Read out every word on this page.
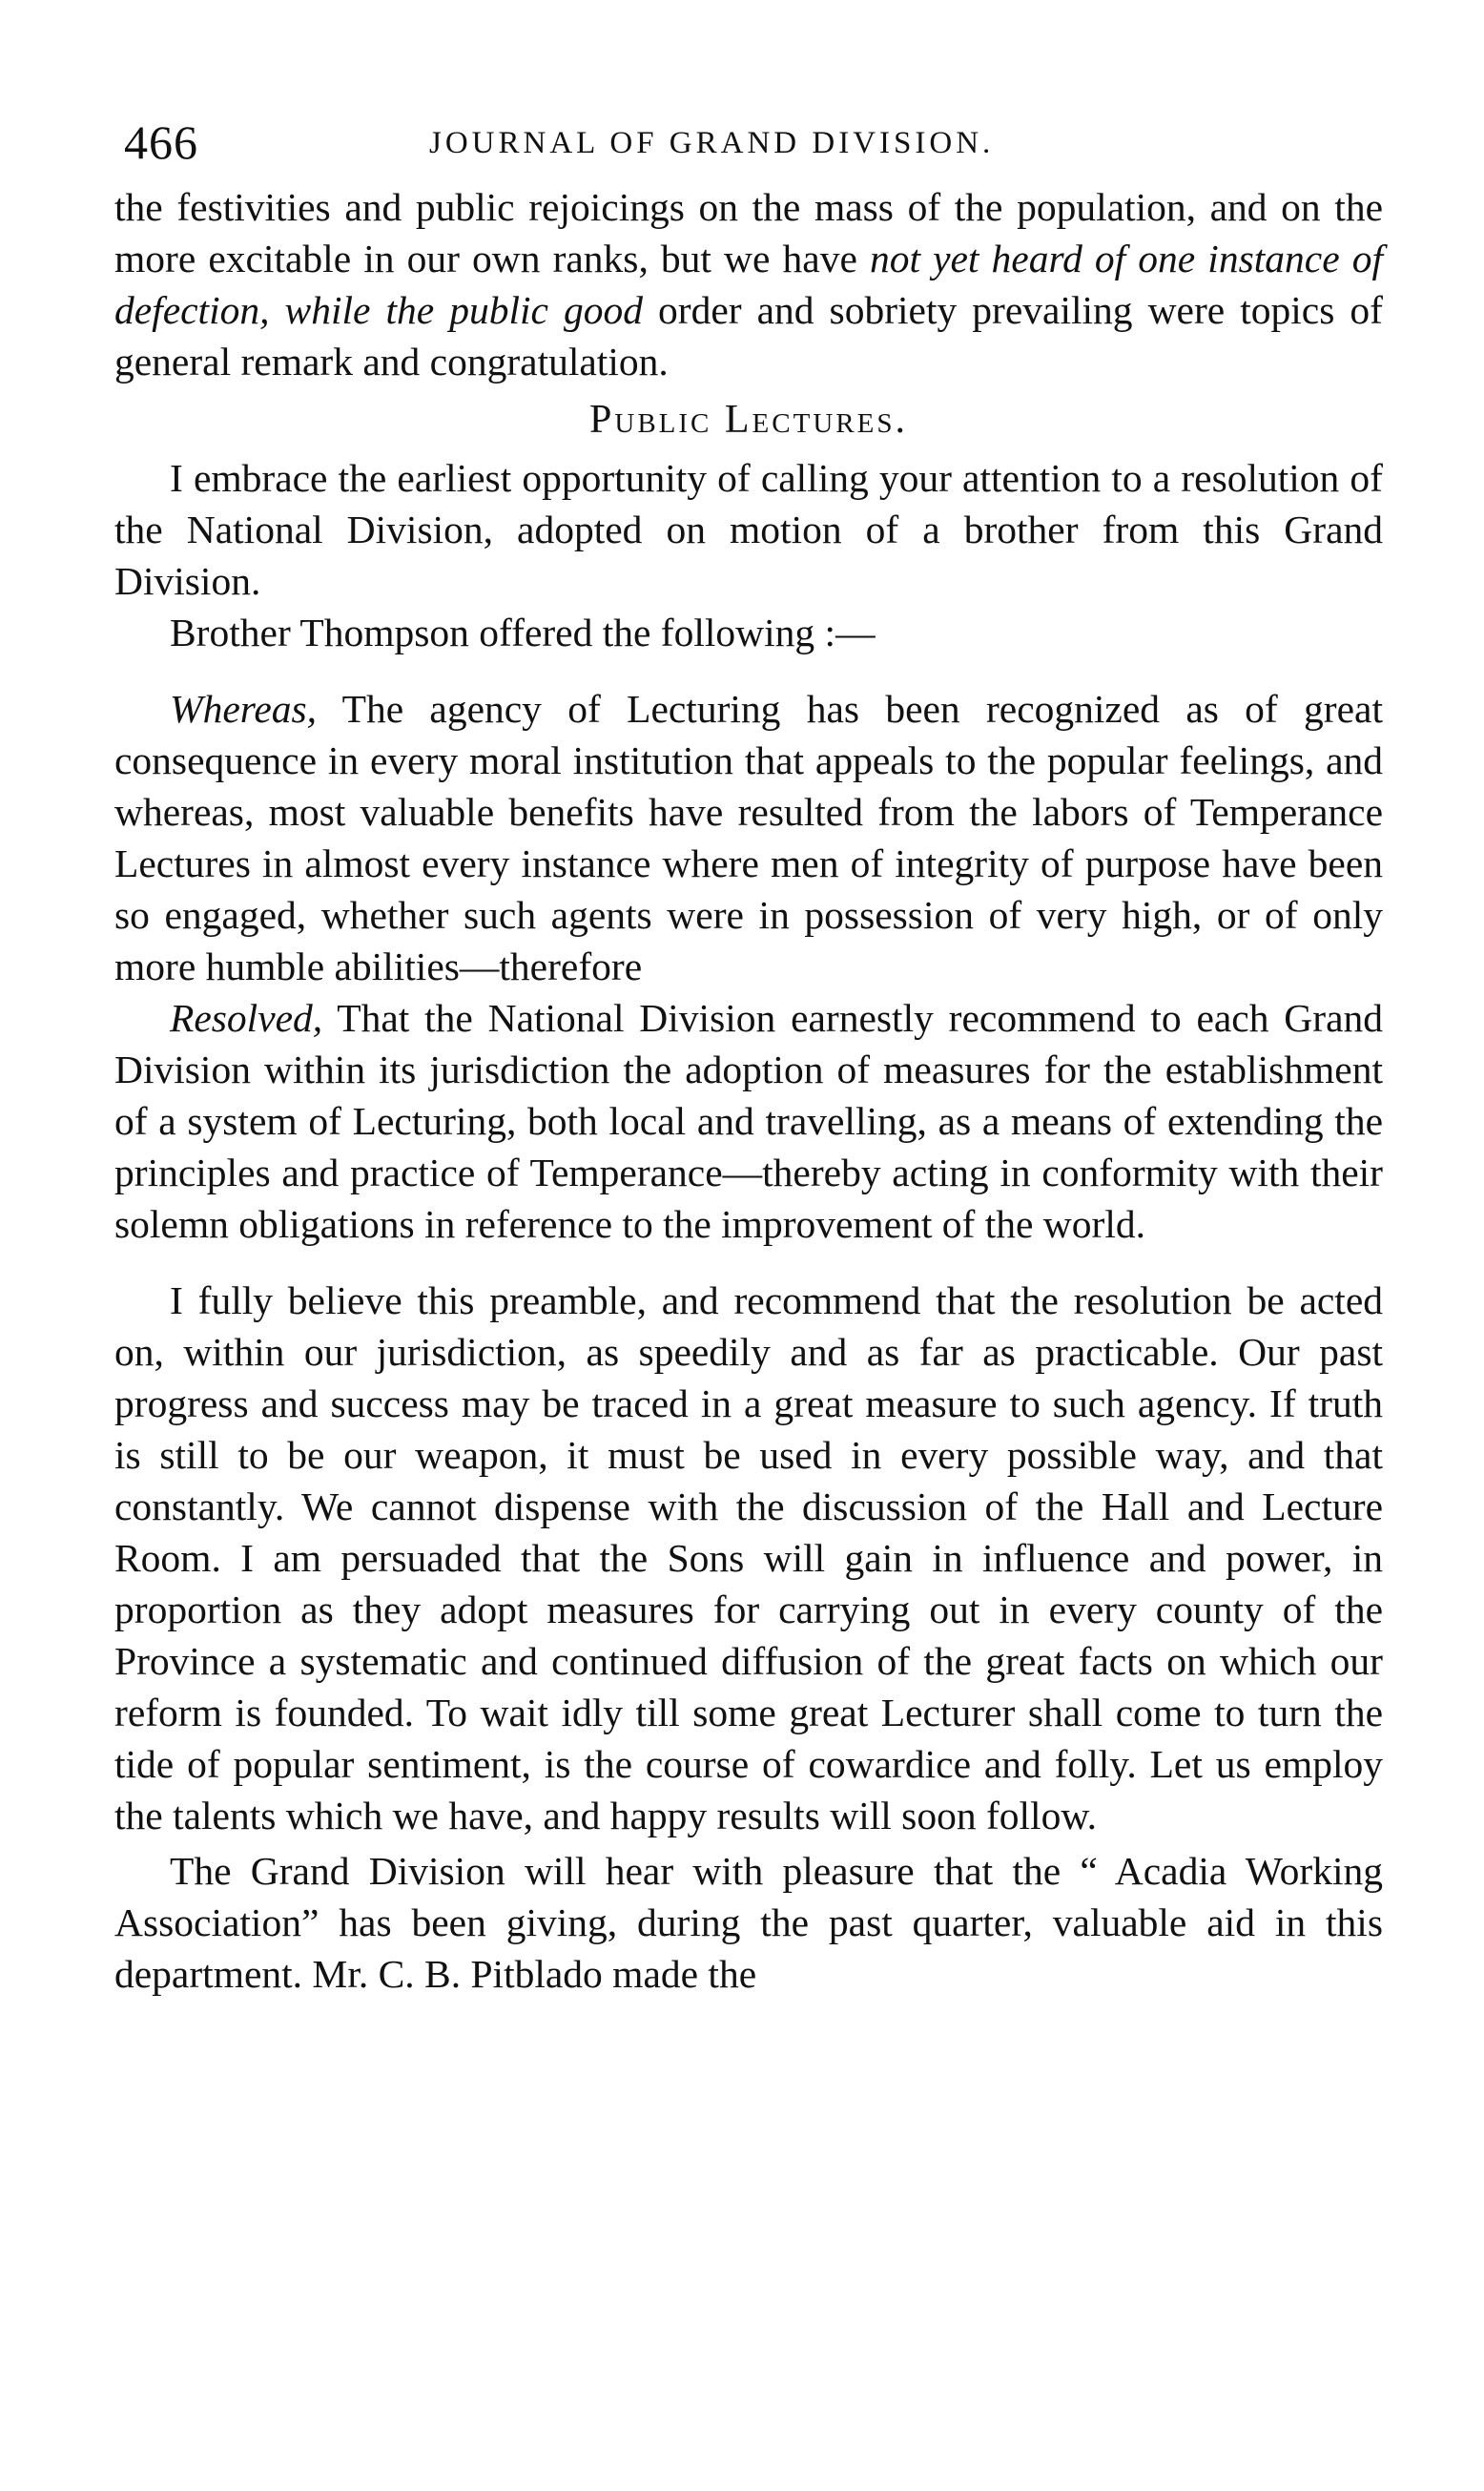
466	JOURNAL OF GRAND DIVISION.

the festivities and public rejoicings on the mass of the population, and on the more excitable in our own ranks, but we have not yet heard of one instance of defection, while the public good order and sobriety prevailing were topics of general remark and congratulation.

Public Lectures.

I embrace the earliest opportunity of calling your attention to a resolution of the National Division, adopted on motion of a brother from this Grand Division.

Brother Thompson offered the following :—

Whereas, The agency of Lecturing has been recognized as of great consequence in every moral institution that appeals to the popular feelings, and whereas, most valuable benefits have resulted from the labors of Temperance Lectures in almost every instance where men of integrity of purpose have been so engaged, whether such agents were in possession of very high, or of only more humble abilities—therefore

Resolved, That the National Division earnestly recommend to each Grand Division within its jurisdiction the adoption of measures for the establishment of a system of Lecturing, both local and travelling, as a means of extending the principles and practice of Temperance—thereby acting in conformity with their solemn obligations in reference to the improvement of the world.

I fully believe this preamble, and recommend that the resolution be acted on, within our jurisdiction, as speedily and as far as practicable. Our past progress and success may be traced in a great measure to such agency. If truth is still to be our weapon, it must be used in every possible way, and that constantly. We cannot dispense with the discussion of the Hall and Lecture Room. I am persuaded that the Sons will gain in influence and power, in proportion as they adopt measures for carrying out in every county of the Province a systematic and continued diffusion of the great facts on which our reform is founded. To wait idly till some great Lecturer shall come to turn the tide of popular sentiment, is the course of cowardice and folly. Let us employ the talents which we have, and happy results will soon follow.

The Grand Division will hear with pleasure that the “ Acadia Working Association” has been giving, during the past quarter, valuable aid in this department. Mr. C. B. Pitblado made the
